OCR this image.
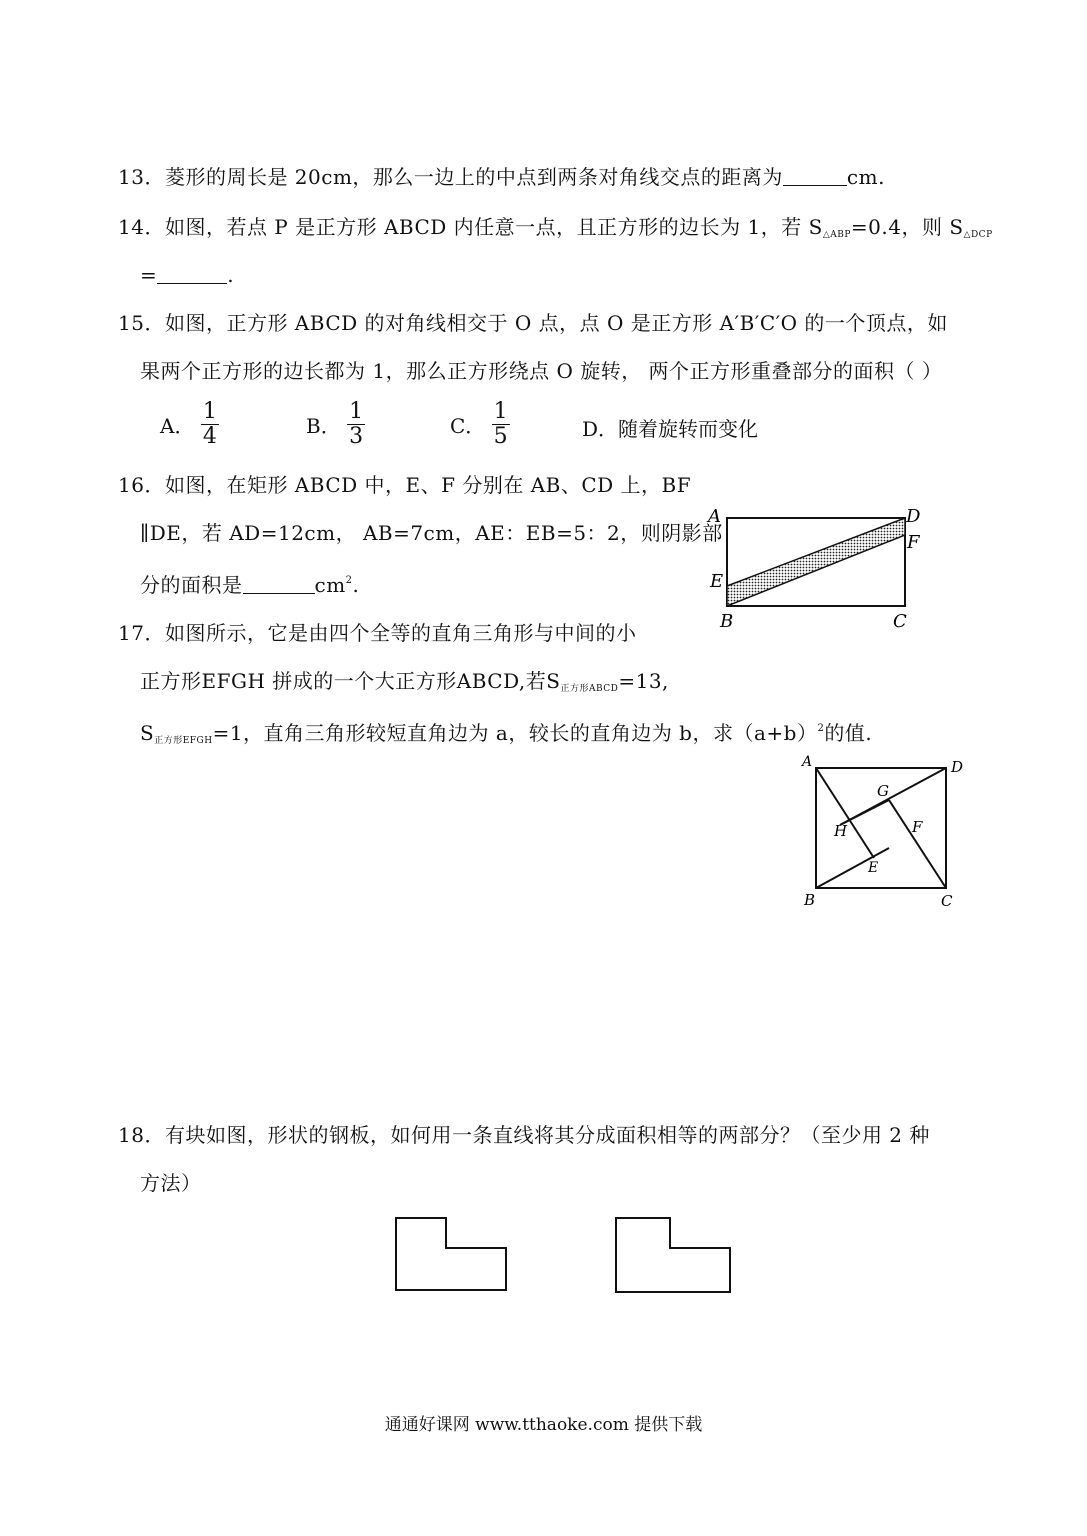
13．菱形的周长是 20cm，那么一边上的中点到两条对角线交点的距离为	cm.
14．如图，若点 P 是正方形 ABCD 内任意一点，且正方形的边长为 1，若 $S_{\triangle ABP}=0.4$，则 $S_{\triangle DCP}$
=	.
15．如图，正方形 ABCD 的对角线相交于 O 点，点 O 是正方形 A′B′C′O 的一个顶点，如
果两个正方形的边长都为 1，那么正方形绕点 O 旋转， 两个正方形重叠部分的面积（ ）
A． $\frac{1}{4}$	B． $\frac{1}{3}$	C． $\frac{1}{5}$	D．随着旋转而变化
16．如图，在矩形 ABCD 中，E、F 分别在 AB、CD 上，BF
∥DE，若 AD=12cm， AB=7cm，AE：EB=5：2，则阴影部
分的面积是	$cm^2$.
A	D
F
E
B	C
17．如图所示，它是由四个全等的直角三角形与中间的小
正方形EFGH 拼成的一个大正方形ABCD,若$S_{正方形ABCD}=13$,
$S_{正方形EFGH}=1$，直角三角形较短直角边为 a，较长的直角边为 b，求$(a+b)^2$的值.
A	D
G
F
H
E
B	C
18．有块如图，形状的钢板，如何用一条直线将其分成面积相等的两部分？（至少用 2 种
方法）
通通好课网 www.tthaoke.com 提供下载
